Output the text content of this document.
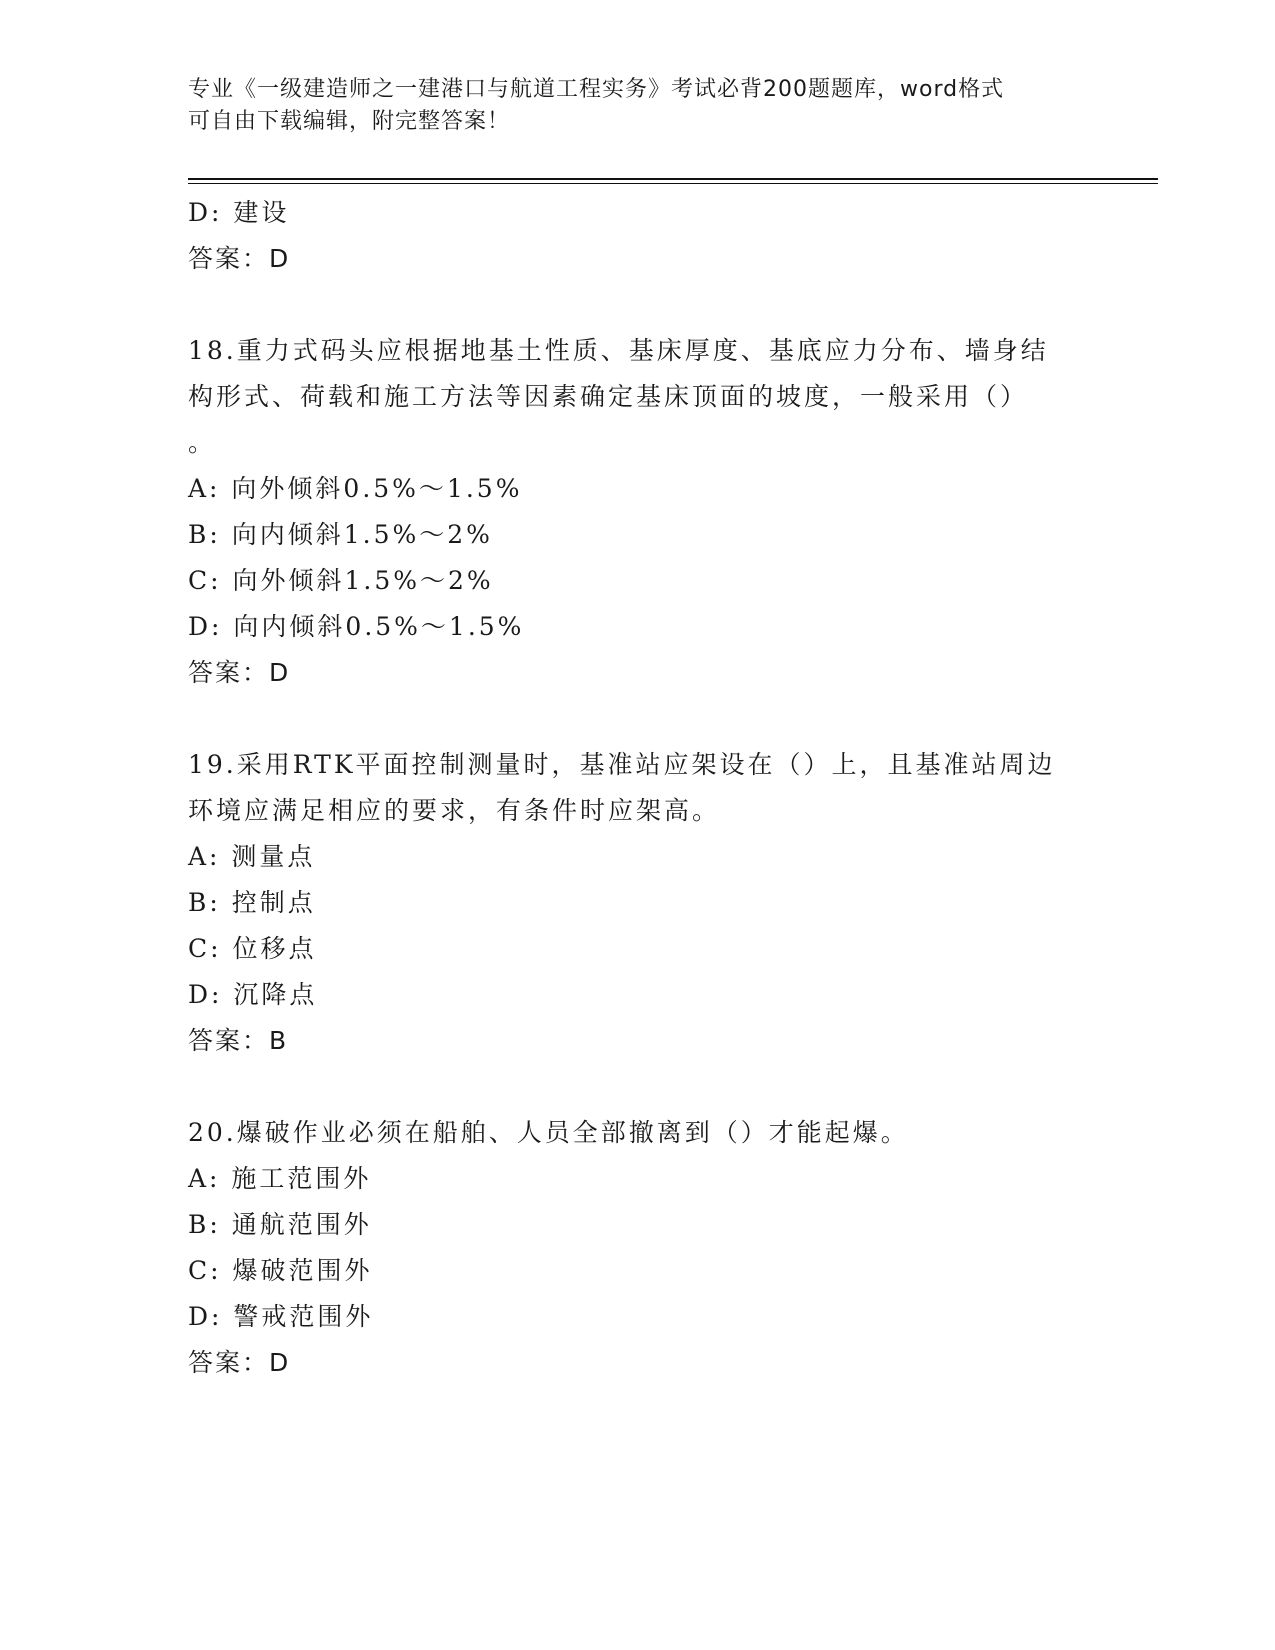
专业《一级建造师之一建港口与航道工程实务》考试必背200题题库，word格式
可自由下载编辑，附完整答案！
D: 建设
答案：D
18.重力式码头应根据地基土性质、基床厚度、基底应力分布、墙身结
构形式、荷载和施工方法等因素确定基床顶面的坡度，一般采用（）
。
A: 向外倾斜0.5%～1.5%
B: 向内倾斜1.5%～2%
C: 向外倾斜1.5%～2%
D: 向内倾斜0.5%～1.5%
答案：D
19.采用RTK平面控制测量时，基准站应架设在（）上，且基准站周边
环境应满足相应的要求，有条件时应架高。
A: 测量点
B: 控制点
C: 位移点
D: 沉降点
答案：B
20.爆破作业必须在船舶、人员全部撤离到（）才能起爆。
A: 施工范围外
B: 通航范围外
C: 爆破范围外
D: 警戒范围外
答案：D
